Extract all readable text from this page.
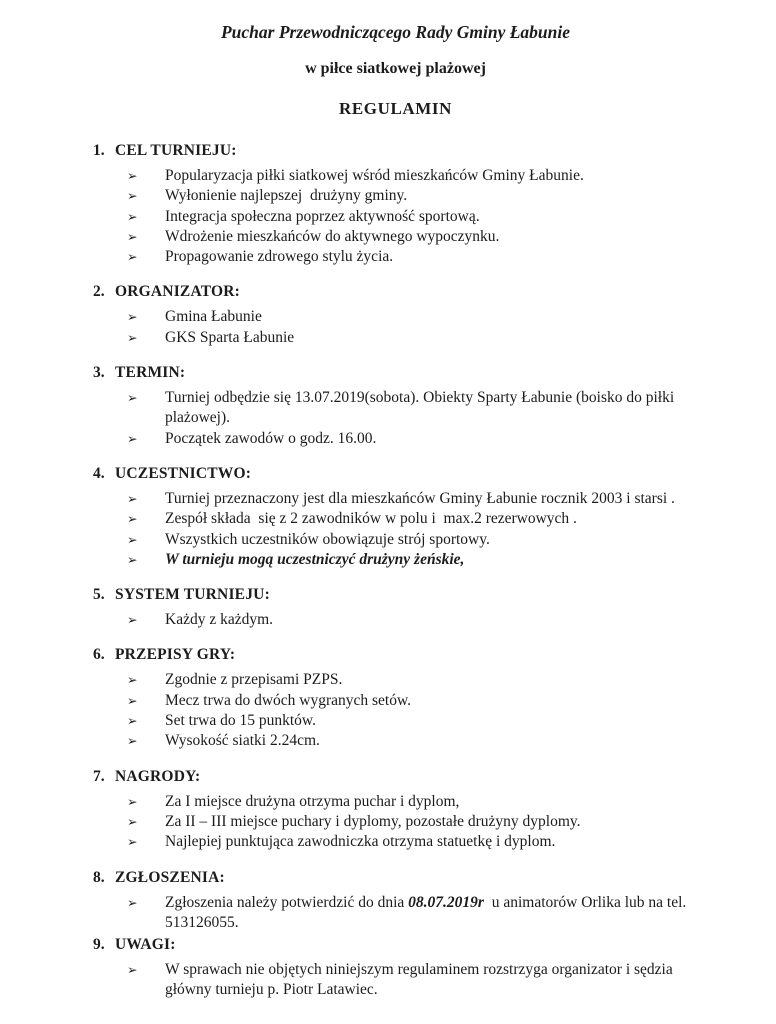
Puchar Przewodniczącego Rady Gminy Łabunie
w piłce siatkowej plażowej
REGULAMIN
1. CEL TURNIEJU:
➢	Popularyzacja piłki siatkowej wśród mieszkańców Gminy Łabunie.
➢	Wyłonienie najlepszej  drużyny gminy.
➢	Integracja społeczna poprzez aktywność sportową.
➢	Wdrożenie mieszkańców do aktywnego wypoczynku.
➢	Propagowanie zdrowego stylu życia.
2. ORGANIZATOR:
➢	Gmina Łabunie
➢	GKS Sparta Łabunie
3. TERMIN:
➢	Turniej odbędzie się 13.07.2019(sobota). Obiekty Sparty Łabunie (boisko do piłki plażowej).
➢	Początek zawodów o godz. 16.00.
4. UCZESTNICTWO:
➢	Turniej przeznaczony jest dla mieszkańców Gminy Łabunie rocznik 2003 i starsi .
➢	Zespół składa  się z 2 zawodników w polu i  max.2 rezerwowych .
➢	Wszystkich uczestników obowiązuje strój sportowy.
➢	W turnieju mogą uczestniczyć drużyny żeńskie,
5. SYSTEM TURNIEJU:
➢	Każdy z każdym.
6. PRZEPISY GRY:
➢	Zgodnie z przepisami PZPS.
➢	Mecz trwa do dwóch wygranych setów.
➢	Set trwa do 15 punktów.
➢	Wysokość siatki 2.24cm.
7. NAGRODY:
➢	Za I miejsce drużyna otrzyma puchar i dyplom,
➢	Za II – III miejsce puchary i dyplomy, pozostałe drużyny dyplomy.
➢	Najlepiej punktująca zawodniczka otrzyma statuetkę i dyplom.
8. ZGŁOSZENIA:
➢	Zgłoszenia należy potwierdzić do dnia 08.07.2019r  u animatorów Orlika lub na tel. 513126055.
9. UWAGI:
➢	W sprawach nie objętych niniejszym regulaminem rozstrzyga organizator i sędzia główny turnieju p. Piotr Latawiec.
